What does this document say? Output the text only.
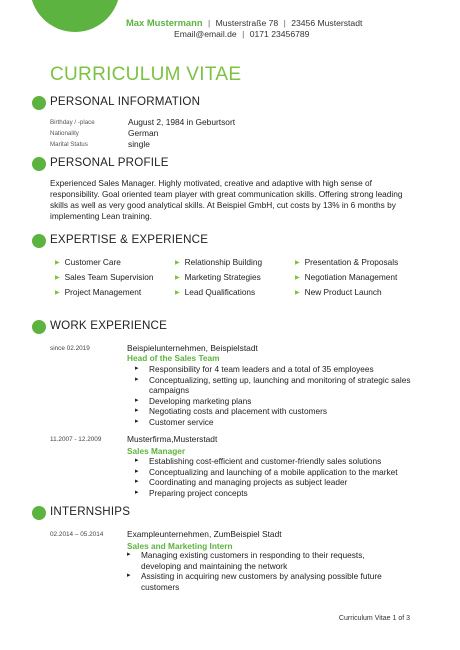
Max Mustermann | Musterstraße 78 | 23456 Musterstadt
Email@email.de | 0171 23456789
CURRICULUM VITAE
PERSONAL INFORMATION
Birthday / -place	August 2, 1984 in Geburtsort
Nationality	German
Marital Status	single
PERSONAL PROFILE
Experienced Sales Manager. Highly motivated, creative and adaptive with high sense of responsibility. Goal oriented team player with great communication skills. Offering strong leading skills as well as very good analytical skills. At Beispiel GmbH, cut costs by 13% in 6 months by implementing Lean training.
EXPERTISE & EXPERIENCE
▶ Customer Care
▶ Sales Team Supervision
▶ Project Management
▶ Relationship Building
▶ Marketing Strategies
▶ Lead Qualifications
▶ Presentation & Proposals
▶ Negotiation Management
▶ New Product Launch
WORK EXPERIENCE
since 02.2019	Beispielunternehmen, Beispielstadt
Head of the Sales Team
▸ Responsibility for 4 team leaders and a total of 35 employees
▸ Conceptualizing, setting up, launching and monitoring of strategic sales campaigns
▸ Developing marketing plans
▸ Negotiating costs and placement with customers
▸ Customer service
11.2007 - 12.2009	Musterfirma,Musterstadt
Sales Manager
▸ Establishing cost-efficient and customer-friendly sales solutions
▸ Conceptualizing and launching of a mobile application to the market
▸ Coordinating and managing projects as subject leader
▸ Preparing project concepts
INTERNSHIPS
02.2014 – 05.2014	Exampleunternehmen, ZumBeispiel Stadt
Sales and Marketing Intern
▸ Managing existing customers in responding to their requests, developing and maintaining the network
▸ Assisting in acquiring new customers by analysing possible future customers
Curriculum Vitae 1 of 3
